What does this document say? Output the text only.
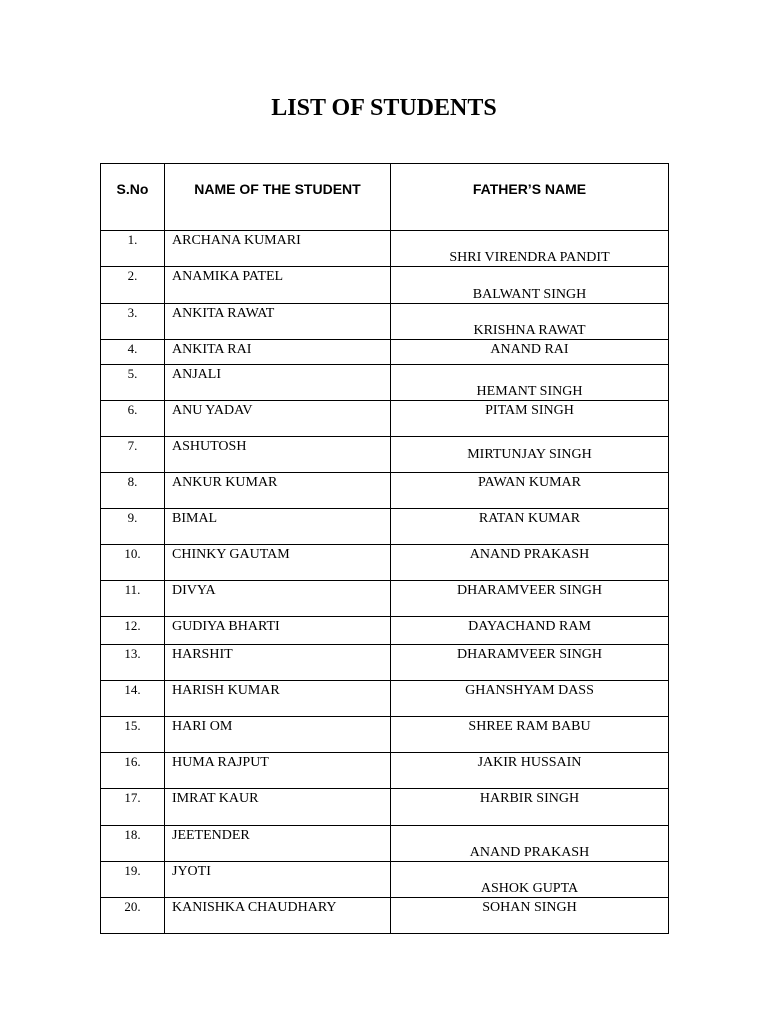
LIST OF STUDENTS
S.No	NAME OF THE STUDENT	FATHER’S NAME
1.	ARCHANA KUMARI	SHRI VIRENDRA PANDIT
2.	ANAMIKA PATEL	BALWANT SINGH
3.	ANKITA RAWAT	KRISHNA RAWAT
4.	ANKITA RAI	ANAND RAI
5.	ANJALI	HEMANT SINGH
6.	ANU YADAV	PITAM SINGH
7.	ASHUTOSH	MIRTUNJAY SINGH
8.	ANKUR KUMAR	PAWAN KUMAR
9.	BIMAL	RATAN KUMAR
10.	CHINKY GAUTAM	ANAND PRAKASH
11.	DIVYA	DHARAMVEER SINGH
12.	GUDIYA BHARTI	DAYACHAND RAM
13.	HARSHIT	DHARAMVEER SINGH
14.	HARISH KUMAR	GHANSHYAM DASS
15.	HARI OM	SHREE RAM BABU
16.	HUMA RAJPUT	JAKIR HUSSAIN
17.	IMRAT KAUR	HARBIR SINGH
18.	JEETENDER	ANAND PRAKASH
19.	JYOTI	ASHOK GUPTA
20.	KANISHKA CHAUDHARY	SOHAN SINGH
